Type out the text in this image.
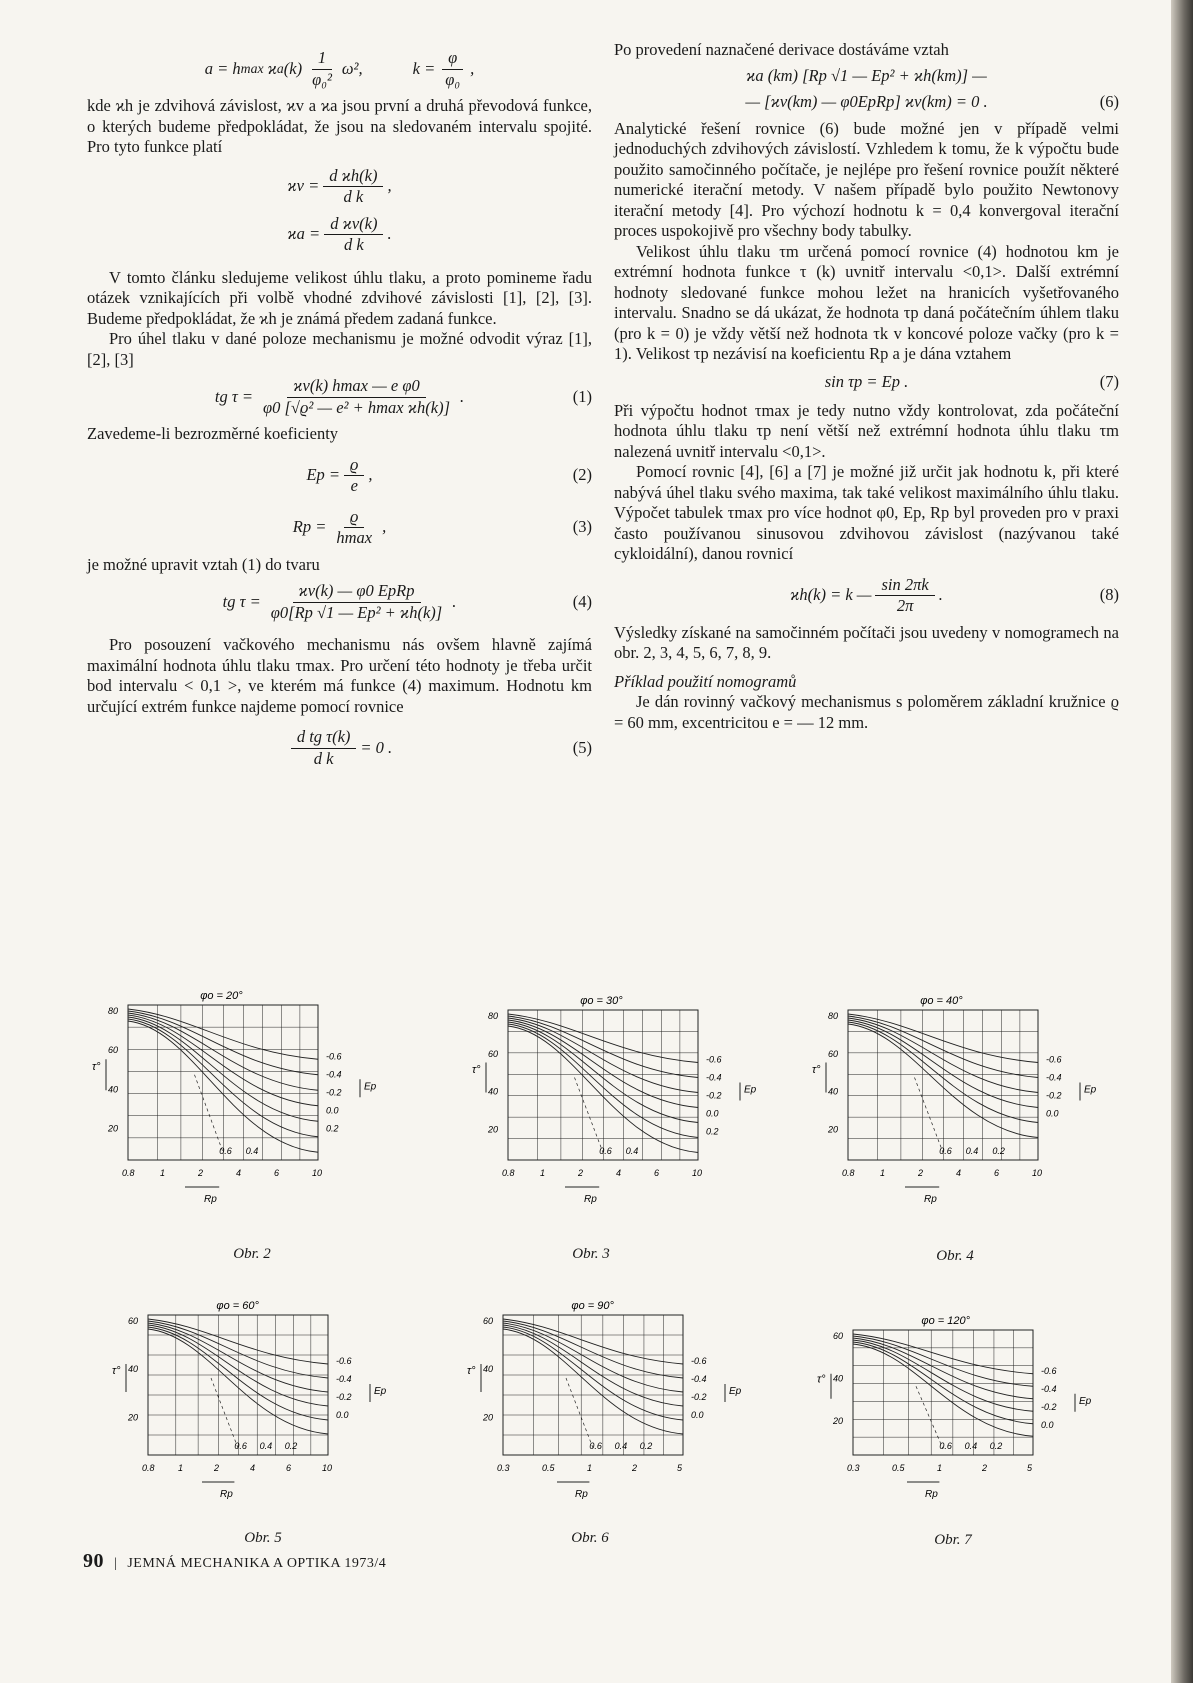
a = h max ϰ a $(k) \frac{1}{\text{φ₀²}} \omega^2$,	$k = \frac{\varphi}{\text{φ₀}}$ ,

kde ϰh je zdvihová závislost, ϰv a ϰa jsou první a druhá převodová funkce, o kterých budeme předpokládat, že jsou na sledovaném intervalu spojité. Pro tyto funkce platí

$ϰv = \frac{\text{d ϰh(k)}}{\text{d k}}$ ,
$ϰa = \frac{\text{d ϰv(k)}}{\text{d k}}$ .

V tomto článku sledujeme velikost úhlu tlaku, a proto pomineme řadu otázek vznikajících při volbě vhodné zdvihové závislosti [1], [2], [3]. Budeme předpokládat, že ϰh je známá předem zadaná funkce.

Pro úhel tlaku v dané poloze mechanismu je možné odvodit výraz [1], [2], [3]

tg $\tau = \frac{\text{ϰv(k) hmax — e φ0}}{\text{φ0 [√ϱ² — e² + hmax ϰh(k)]}}$ .	(1)

Zavedeme-li bezrozměrné koeficienty

$Ep = \frac{ϱ}{e}$ ,	(2)
$Rp = \frac{ϱ}{hmax}$ ,	(3)

je možné upravit vztah (1) do tvaru

tg $\tau = \frac{\text{ϰv(k) — φ0 EpRp}}{\text{φ0[Rp √1 — Ep² + ϰh(k)]}}$ .	(4)

Pro posouzení vačkového mechanismu nás ovšem hlavně zajímá maximální hodnota úhlu tlaku τmax. Pro určení této hodnoty je třeba určit bod intervalu < 0,1 >, ve kterém má funkce (4) maximum. Hodnotu km určující extrém funkce najdeme pomocí rovnice

$\frac{\text{d tg τ(k)}}{\text{d k}} = 0$ .	(5)

Po provedení naznačené derivace dostáváme vztah

ϰa (km) [Rp √1 — Ep² + ϰh(km)] —
— [ϰv(km) — φ0EpRp] ϰv(km) = 0 .	(6)

Analytické řešení rovnice (6) bude možné jen v případě velmi jednoduchých zdvihových závislostí. Vzhledem k tomu, že k výpočtu bude použito samočinného počítače, je nejlépe pro řešení rovnice použít některé numerické iterační metody. V našem případě bylo použito Newtonovy iterační metody [4]. Pro výchozí hodnotu k = 0,4 konvergoval iterační proces uspokojivě pro všechny body tabulky.

Velikost úhlu tlaku τm určená pomocí rovnice (4) hodnotou km je extrémní hodnota funkce τ (k) uvnitř intervalu <0,1>. Další extrémní hodnoty sledované funkce mohou ležet na hranicích vyšetřovaného intervalu. Snadno se dá ukázat, že hodnota τp daná počátečním úhlem tlaku (pro k = 0) je vždy větší než hodnota τk v koncové poloze vačky (pro k = 1). Velikost τp nezávisí na koeficientu Rp a je dána vztahem

sin τp = Ep .	(7)

Při výpočtu hodnot τmax je tedy nutno vždy kontrolovat, zda počáteční hodnota úhlu tlaku τp není větší než extrémní hodnota úhlu tlaku τm nalezená uvnitř intervalu <0,1>.

Pomocí rovnic [4], [6] a [7] je možné již určit jak hodnotu k, při které nabývá úhel tlaku svého maxima, tak také velikost maximálního úhlu tlaku. Výpočet tabulek τmax pro více hodnot φ0, Ep, Rp byl proveden pro v praxi často používanou sinusovou zdvihovou závislost (nazývanou také cykloidální), danou rovnicí

ϰh(k) = k — $\frac{\sin 2\pi k}{2\pi}$ .	(8)

Výsledky získané na samočinném počítači jsou uvedeny v nomogramech na obr. 2, 3, 4, 5, 6, 7, 8, 9.

Příklad použití nomogramů

Je dán rovinný vačkový mechanismus s poloměrem základní kružnice ϱ = 60 mm, excentricitou e = — 12 mm.

φo = 20°
80
60
40
20
τ°
0.8	1	2	4	6	10
Rp
-0.6
-0.4
-0.2
0.0
0.2
Ep
0.6 0.4
φo = 30°
80
60
40
20
τ°
0.8	1	2	4	6	10
Rp
-0.6
-0.4
-0.2
0.0
0.2
Ep
0.6 0.4
φo = 40°
80
60
40
20
τ°
0.8	1	2	4	6	10
Rp
-0.6
-0.4
-0.2
0.0
Ep
0.6 0.4 0.2
φo = 60°
60
40
20
τ°
0.8	1	2	4	6	10
Rp
-0.6
-0.4
-0.2
0.0
Ep
0.6 0.4 0.2
φo = 90°
60
40
20
τ°
0.3	0.5	1	2	5
Rp
-0.6
-0.4
-0.2
0.0
Ep
0.6 0.4 0.2
φo = 120°
60
40
20
τ°
0.3	0.5	1	2	5
Rp
-0.6
-0.4
-0.2
0.0
Ep
0.6 0.4 0.2
Obr. 2	Obr. 3	Obr. 4
Obr. 5	Obr. 6	Obr. 7
90 | JEMNÁ MECHANIKA A OPTIKA 1973/4
